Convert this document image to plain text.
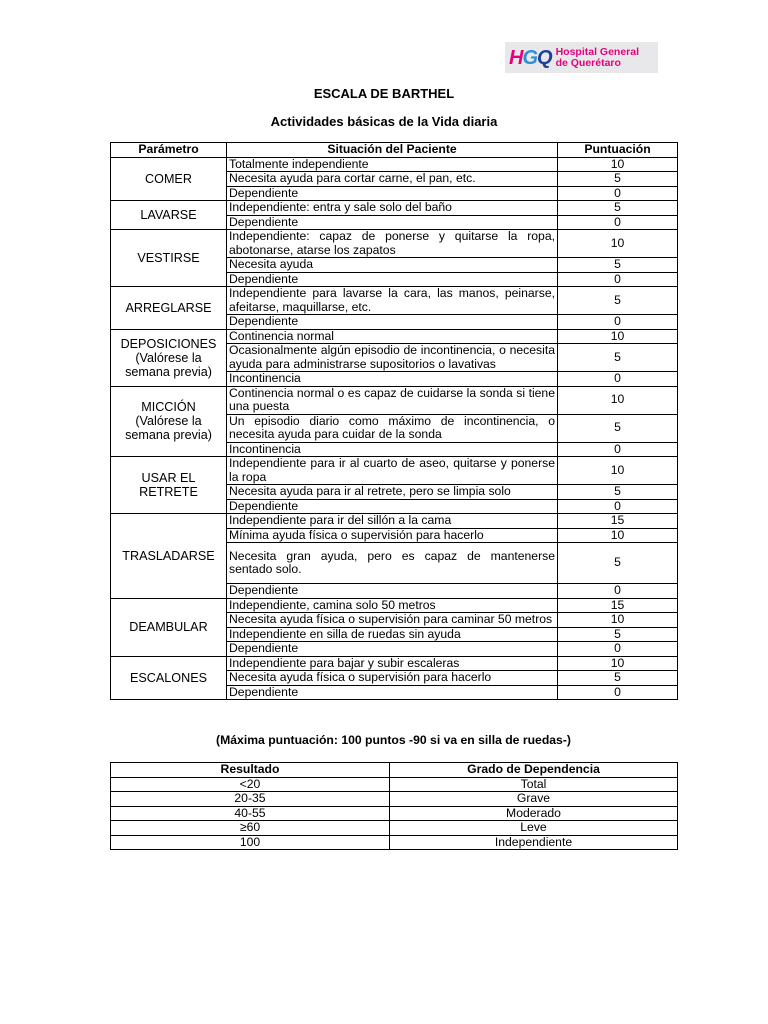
HGQ Hospital General
de Querétaro
ESCALA DE BARTHEL
Actividades básicas de la Vida diaria
Parámetro	Situación del Paciente	Puntuación
COMER	Totalmente independiente	10
	Necesita ayuda para cortar carne, el pan, etc.	5
	Dependiente	0
LAVARSE	Independiente: entra y sale solo del baño	5
	Dependiente	0
VESTIRSE	Independiente: capaz de ponerse y quitarse la ropa, abotonarse, atarse los zapatos	10
	Necesita ayuda	5
	Dependiente	0
ARREGLARSE	Independiente para lavarse la cara, las manos, peinarse, afeitarse, maquillarse, etc.	5
	Dependiente	0
DEPOSICIONES
(Valórese la
semana previa)	Continencia normal	10
	Ocasionalmente algún episodio de incontinencia, o necesita ayuda para administrarse supositorios o lavativas	5
	Incontinencia	0
MICCIÓN
(Valórese la
semana previa)	Continencia normal o es capaz de cuidarse la sonda si tiene una puesta	10
	Un episodio diario como máximo de incontinencia, o necesita ayuda para cuidar de la sonda	5
	Incontinencia	0
USAR EL
RETRETE	Independiente para ir al cuarto de aseo, quitarse y ponerse la ropa	10
	Necesita ayuda para ir al retrete, pero se limpia solo	5
	Dependiente	0
TRASLADARSE	Independiente para ir del sillón a la cama	15
	Mínima ayuda física o supervisión para hacerlo	10
	Necesita gran ayuda, pero es capaz de mantenerse sentado solo.	5
	Dependiente	0
DEAMBULAR	Independiente, camina solo 50 metros	15
	Necesita ayuda física o supervisión para caminar 50 metros	10
	Independiente en silla de ruedas sin ayuda	5
	Dependiente	0
ESCALONES	Independiente para bajar y subir escaleras	10
	Necesita ayuda física o supervisión para hacerlo	5
	Dependiente	0
(Máxima puntuación: 100 puntos -90 si va en silla de ruedas-)
Resultado	Grado de Dependencia
<20	Total
20-35	Grave
40-55	Moderado
≥60	Leve
100	Independiente
